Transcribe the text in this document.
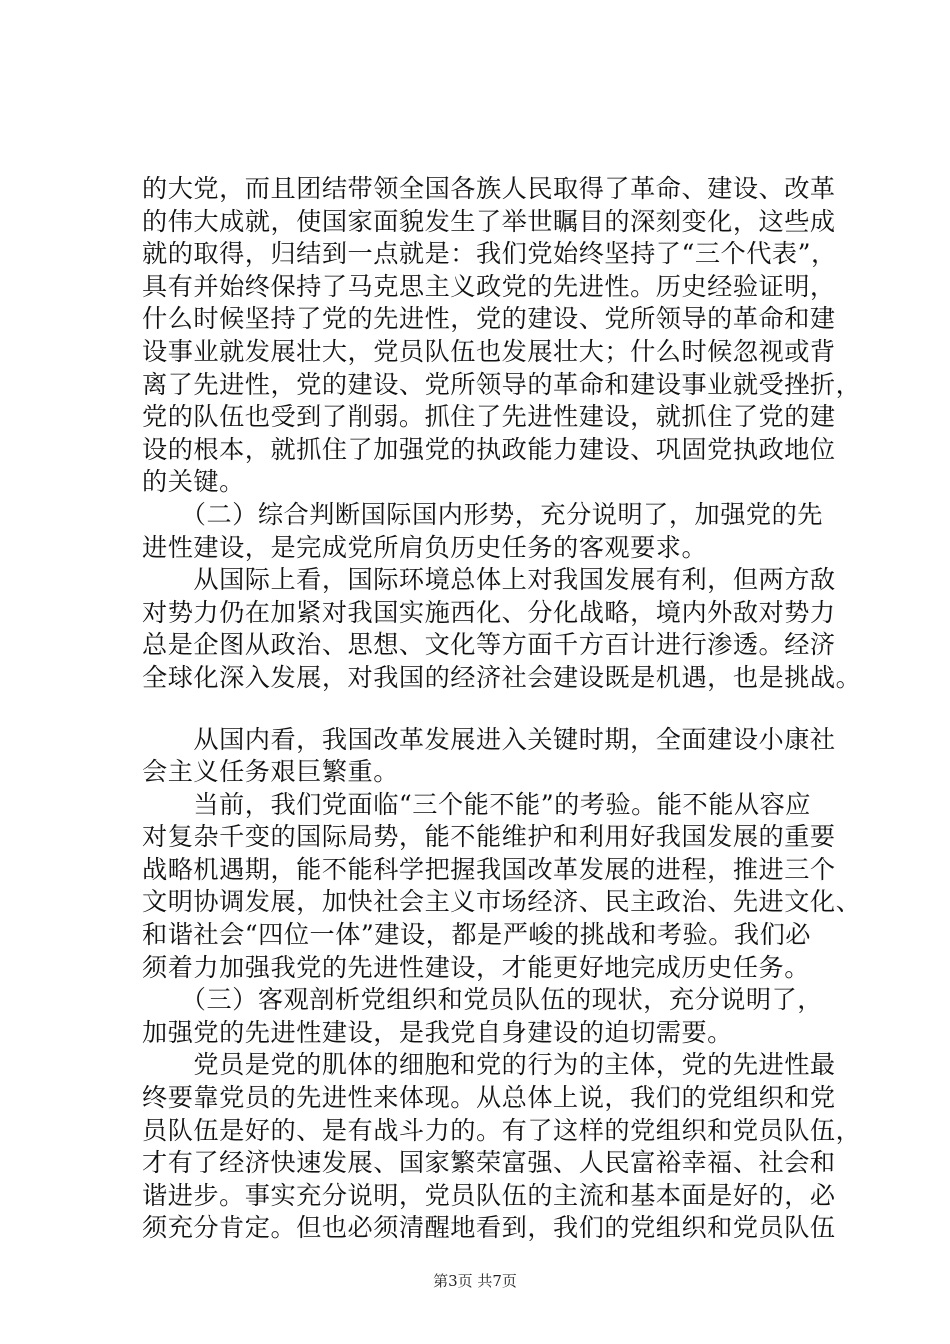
的大党，而且团结带领全国各族人民取得了革命、建设、改革
的伟大成就，使国家面貌发生了举世瞩目的深刻变化，这些成
就的取得，归结到一点就是：我们党始终坚持了“三个代表”，
具有并始终保持了马克思主义政党的先进性。历史经验证明，
什么时候坚持了党的先进性，党的建设、党所领导的革命和建
设事业就发展壮大，党员队伍也发展壮大；什么时候忽视或背
离了先进性，党的建设、党所领导的革命和建设事业就受挫折，
党的队伍也受到了削弱。抓住了先进性建设，就抓住了党的建
设的根本，就抓住了加强党的执政能力建设、巩固党执政地位
的关键。
　　（二）综合判断国际国内形势，充分说明了，加强党的先
进性建设，是完成党所肩负历史任务的客观要求。
　　从国际上看，国际环境总体上对我国发展有利，但两方敌
对势力仍在加紧对我国实施西化、分化战略，境内外敌对势力
总是企图从政治、思想、文化等方面千方百计进行渗透。经济
全球化深入发展，对我国的经济社会建设既是机遇，也是挑战。
　　从国内看，我国改革发展进入关键时期，全面建设小康社
会主义任务艰巨繁重。
　　当前，我们党面临“三个能不能”的考验。能不能从容应
对复杂千变的国际局势，能不能维护和利用好我国发展的重要
战略机遇期，能不能科学把握我国改革发展的进程，推进三个
文明协调发展，加快社会主义市场经济、民主政治、先进文化、
和谐社会“四位一体”建设，都是严峻的挑战和考验。我们必
须着力加强我党的先进性建设，才能更好地完成历史任务。
　　（三）客观剖析党组织和党员队伍的现状，充分说明了，
加强党的先进性建设，是我党自身建设的迫切需要。
　　党员是党的肌体的细胞和党的行为的主体，党的先进性最
终要靠党员的先进性来体现。从总体上说，我们的党组织和党
员队伍是好的、是有战斗力的。有了这样的党组织和党员队伍，
才有了经济快速发展、国家繁荣富强、人民富裕幸福、社会和
谐进步。事实充分说明，党员队伍的主流和基本面是好的，必
须充分肯定。但也必须清醒地看到，我们的党组织和党员队伍
第3页 共7页
